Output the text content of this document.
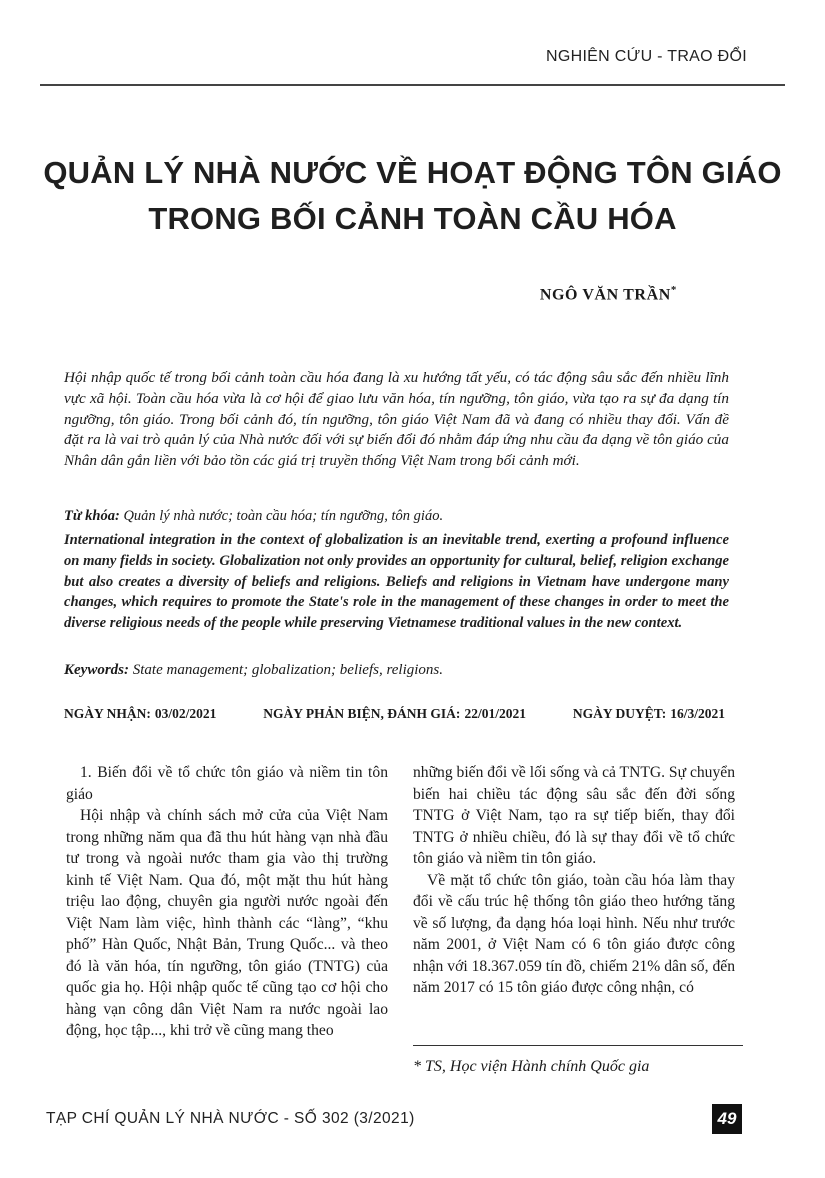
NGHIÊN CỨU - TRAO ĐỔI
QUẢN LÝ NHÀ NƯỚC VỀ HOẠT ĐỘNG TÔN GIÁO
TRONG BỐI CẢNH TOÀN CẦU HÓA
NGÔ VĂN TRẦN*

Hội nhập quốc tế trong bối cảnh toàn cầu hóa đang là xu hướng tất yếu, có tác động sâu sắc đến nhiều lĩnh vực xã hội. Toàn cầu hóa vừa là cơ hội để giao lưu văn hóa, tín ngưỡng, tôn giáo, vừa tạo ra sự đa dạng tín ngưỡng, tôn giáo. Trong bối cảnh đó, tín ngưỡng, tôn giáo Việt Nam đã và đang có nhiều thay đổi. Vấn đề đặt ra là vai trò quản lý của Nhà nước đối với sự biến đổi đó nhằm đáp ứng nhu cầu đa dạng về tôn giáo của Nhân dân gắn liền với bảo tồn các giá trị truyền thống Việt Nam trong bối cảnh mới.

Từ khóa: Quản lý nhà nước; toàn cầu hóa; tín ngưỡng, tôn giáo.

International integration in the context of globalization is an inevitable trend, exerting a profound influence on many fields in society. Globalization not only provides an opportunity for cultural, belief, religion exchange but also creates a diversity of beliefs and religions. Beliefs and religions in Vietnam have undergone many changes, which requires to promote the State's role in the management of these changes in order to meet the diverse religious needs of the people while preserving Vietnamese traditional values in the new context.

Keywords: State management; globalization; beliefs, religions.
NGÀY NHẬN: 03/02/2021	NGÀY PHẢN BIỆN, ĐÁNH GIÁ: 22/01/2021	NGÀY DUYỆT: 16/3/2021

1. Biến đổi về tổ chức tôn giáo và niềm tin tôn giáo

Hội nhập và chính sách mở cửa của Việt Nam trong những năm qua đã thu hút hàng vạn nhà đầu tư trong và ngoài nước tham gia vào thị trường kinh tế Việt Nam. Qua đó, một mặt thu hút hàng triệu lao động, chuyên gia người nước ngoài đến Việt Nam làm việc, hình thành các “làng”, “khu phố” Hàn Quốc, Nhật Bản, Trung Quốc... và theo đó là văn hóa, tín ngưỡng, tôn giáo (TNTG) của quốc gia họ. Hội nhập quốc tế cũng tạo cơ hội cho hàng vạn công dân Việt Nam ra nước ngoài lao động, học tập..., khi trở về cũng mang theo

những biến đổi về lối sống và cả TNTG. Sự chuyển biến hai chiều tác động sâu sắc đến đời sống TNTG ở Việt Nam, tạo ra sự tiếp biến, thay đổi TNTG ở nhiều chiều, đó là sự thay đổi về tổ chức tôn giáo và niềm tin tôn giáo.

Về mặt tổ chức tôn giáo, toàn cầu hóa làm thay đổi về cấu trúc hệ thống tôn giáo theo hướng tăng về số lượng, đa dạng hóa loại hình. Nếu như trước năm 2001, ở Việt Nam có 6 tôn giáo được công nhận với 18.367.059 tín đồ, chiếm 21% dân số, đến năm 2017 có 15 tôn giáo được công nhận, có

* TS, Học viện Hành chính Quốc gia
TẠP CHÍ QUẢN LÝ NHÀ NƯỚC - SỐ 302 (3/2021)	49
